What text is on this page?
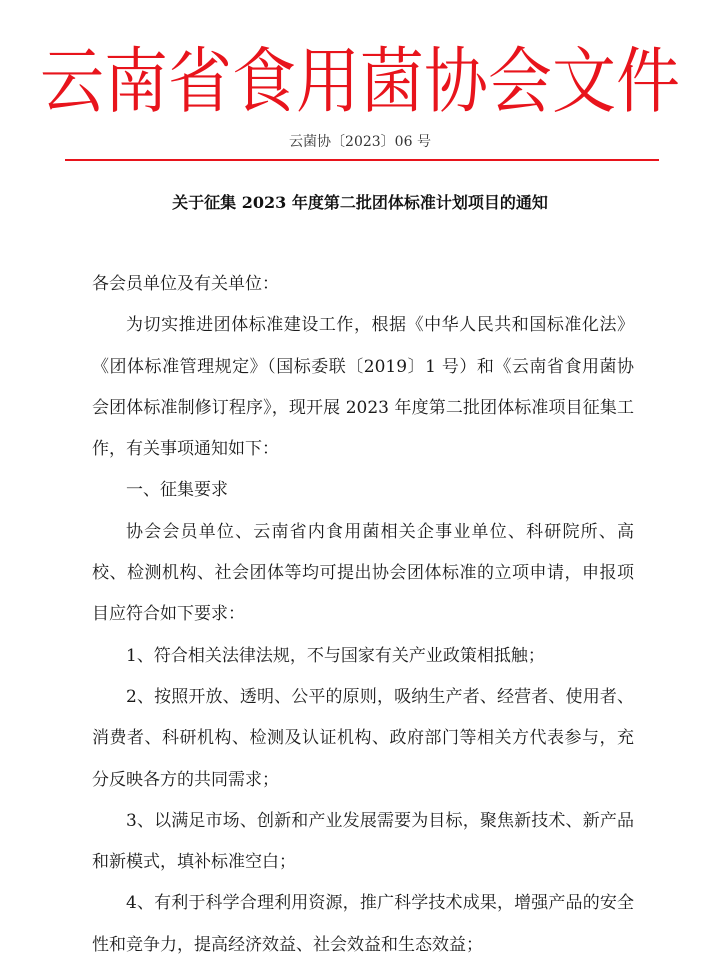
云南省食用菌协会文件
云菌协〔2023〕06 号
关于征集 2023 年度第二批团体标准计划项目的通知

各会员单位及有关单位：

为切实推进团体标准建设工作，根据《中华人民共和国标准化法》《团体标准管理规定》（国标委联〔2019〕1 号）和《云南省食用菌协会团体标准制修订程序》，现开展 2023 年度第二批团体标准项目征集工作，有关事项通知如下：

一、征集要求

协会会员单位、云南省内食用菌相关企事业单位、科研院所、高校、检测机构、社会团体等均可提出协会团体标准的立项申请，申报项目应符合如下要求：

1、符合相关法律法规，不与国家有关产业政策相抵触；

2、按照开放、透明、公平的原则，吸纳生产者、经营者、使用者、消费者、科研机构、检测及认证机构、政府部门等相关方代表参与，充分反映各方的共同需求；

3、以满足市场、创新和产业发展需要为目标，聚焦新技术、新产品和新模式，填补标准空白；

4、有利于科学合理利用资源，推广科学技术成果，增强产品的安全性和竞争力，提高经济效益、社会效益和生态效益；
